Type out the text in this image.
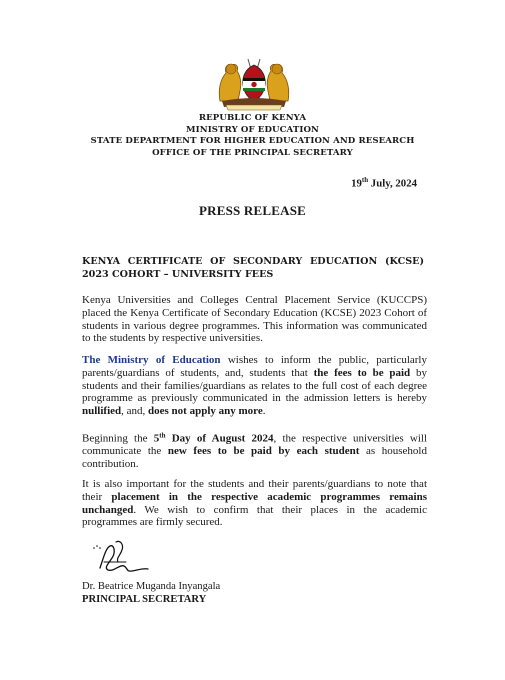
REPUBLIC OF KENYA
MINISTRY OF EDUCATION
STATE DEPARTMENT FOR HIGHER EDUCATION AND RESEARCH
OFFICE OF THE PRINCIPAL SECRETARY
19th July, 2024
PRESS RELEASE
KENYA CERTIFICATE OF SECONDARY EDUCATION (KCSE) 2023 COHORT – UNIVERSITY FEES
Kenya Universities and Colleges Central Placement Service (KUCCPS) placed the Kenya Certificate of Secondary Education (KCSE) 2023 Cohort of students in various degree programmes. This information was communicated to the students by respective universities.
The Ministry of Education wishes to inform the public, particularly parents/guardians of students, and, students that the fees to be paid by students and their families/guardians as relates to the full cost of each degree programme as previously communicated in the admission letters is hereby nullified, and, does not apply any more.
Beginning the 5th Day of August 2024, the respective universities will communicate the new fees to be paid by each student as household contribution.
It is also important for the students and their parents/guardians to note that their placement in the respective academic programmes remains unchanged. We wish to confirm that their places in the academic programmes are firmly secured.
Dr. Beatrice Muganda Inyangala
PRINCIPAL SECRETARY
